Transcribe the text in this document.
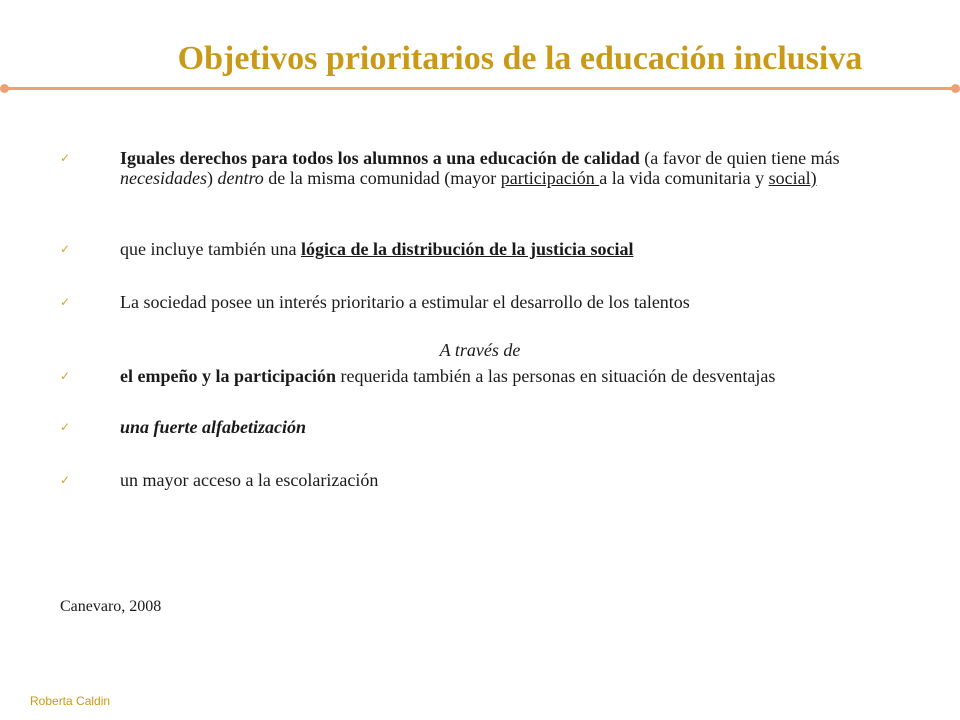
Objetivos prioritarios de la educación inclusiva
✓	Iguales derechos para todos los alumnos a una educación de calidad (a favor de quien tiene más necesidades) dentro de la misma comunidad (mayor participación a la vida comunitaria y social)
✓	que incluye también una lógica de la distribución de la justicia social
✓	La sociedad posee un interés prioritario a estimular el desarrollo de los talentos
A través de
✓	el empeño y la participación requerida también a las personas en situación de desventajas
✓	una fuerte alfabetización
✓	un mayor acceso a la escolarización
Canevaro, 2008
Roberta Caldin
